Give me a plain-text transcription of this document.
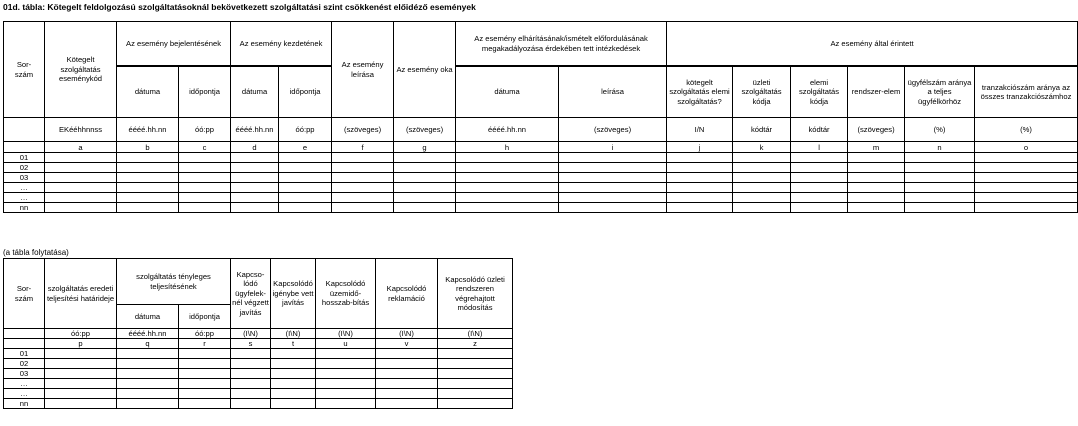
01d. tábla: Kötegelt feldolgozású szolgáltatásoknál bekövetkezett szolgáltatási szint csökkenést előidéző események
Sor-
szám	Kötegelt szolgáltatás eseménykód	Az esemény bejelentésének		Az esemény kezdetének		Az esemény leírása	Az esemény oka	Az esemény elhárításának/ismételt előfordulásának megakadályozása érdekében tett intézkedések		Az esemény által érintett					

		dátuma	időpontja	dátuma	időpontja			dátuma	leírása	kötegelt szolgáltatás elemi szolgáltatás?	üzleti szolgáltatás kódja	elemi szolgáltatás kódja	rendszer-elem	ügyfélszám aránya a teljes ügyfélkörhöz	tranzakciószám aránya az összes tranzakciószámhoz
	EKééhhnnss	éééé.hh.nn	óó:pp	éééé.hh.nn	óó:pp	(szöveges)	(szöveges)	éééé.hh.nn	(szöveges)	I/N	kódtár	kódtár	(szöveges)	(%)	(%)
	a	b	c	d	e	f	g	h	i	j	k	l	m	n	o
01															
02															
03															
…															
…															
nn															
(a tábla folytatása)
Sor-
szám	szolgáltatás eredeti teljesítési határideje	szolgáltatás tényleges teljesítésének		Kapcso-lódó ügyfelek-nél végzett javítás	Kapcsolódó igénybe vett javítás	Kapcsolódó üzemidő-hosszab-bítás	Kapcsolódó reklamáció	Kapcsolódó üzleti rendszeren végrehajtott módosítás
		dátuma	időpontja					
	óó:pp	éééé.hh.nn	óó:pp	(I\N)	(I\N)	(I\N)	(I\N)	(I\N)
	p	q	r	s	t	u	v	z
01								
02								
03								
…								
…								
nn								
